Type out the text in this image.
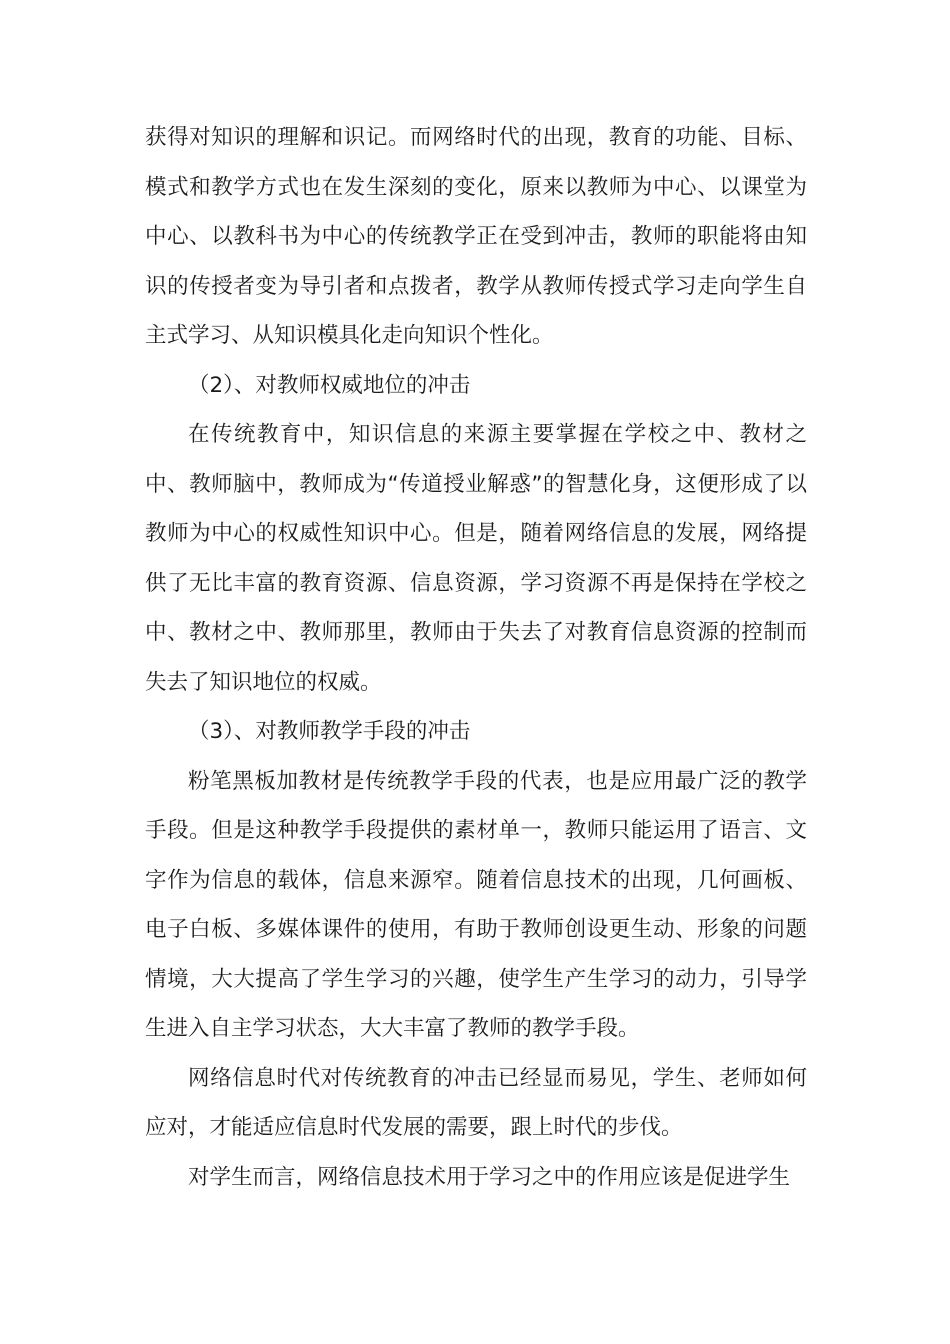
获得对知识的理解和识记。而网络时代的出现，教育的功能、目标、模式和教学方式也在发生深刻的变化，原来以教师为中心、以课堂为中心、以教科书为中心的传统教学正在受到冲击，教师的职能将由知识的传授者变为导引者和点拨者，教学从教师传授式学习走向学生自主式学习、从知识模具化走向知识个性化。

（2）、对教师权威地位的冲击

在传统教育中，知识信息的来源主要掌握在学校之中、教材之中、教师脑中，教师成为“传道授业解惑”的智慧化身，这便形成了以教师为中心的权威性知识中心。但是，随着网络信息的发展，网络提供了无比丰富的教育资源、信息资源，学习资源不再是保持在学校之中、教材之中、教师那里，教师由于失去了对教育信息资源的控制而失去了知识地位的权威。

（3）、对教师教学手段的冲击

粉笔黑板加教材是传统教学手段的代表，也是应用最广泛的教学手段。但是这种教学手段提供的素材单一，教师只能运用了语言、文字作为信息的载体，信息来源窄。随着信息技术的出现，几何画板、电子白板、多媒体课件的使用，有助于教师创设更生动、形象的问题情境，大大提高了学生学习的兴趣，使学生产生学习的动力，引导学生进入自主学习状态，大大丰富了教师的教学手段。

网络信息时代对传统教育的冲击已经显而易见，学生、老师如何应对，才能适应信息时代发展的需要，跟上时代的步伐。

对学生而言，网络信息技术用于学习之中的作用应该是促进学生
